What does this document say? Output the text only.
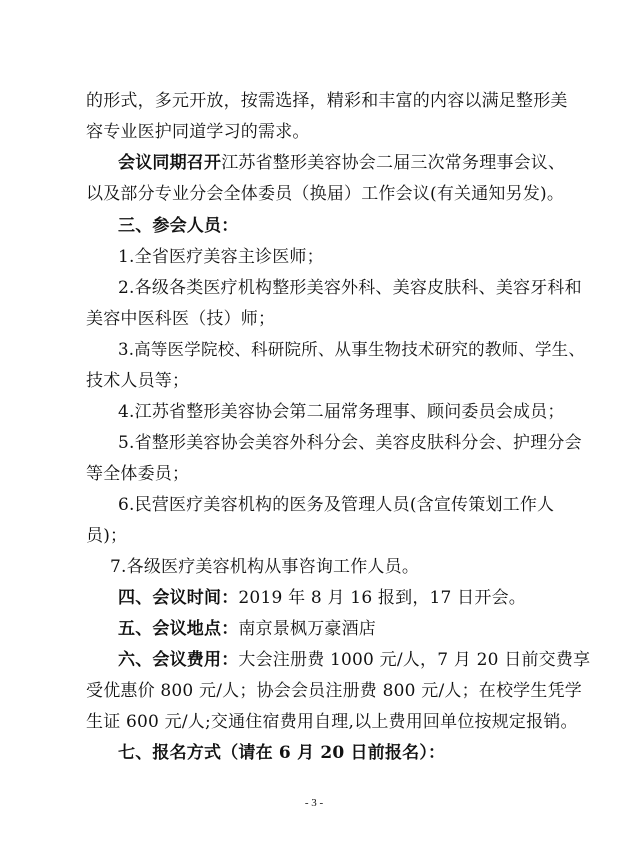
的形式，多元开放，按需选择，精彩和丰富的内容以满足整形美
容专业医护同道学习的需求。
会议同期召开江苏省整形美容协会二届三次常务理事会议、
以及部分专业分会全体委员（换届）工作会议(有关通知另发)。
三、参会人员：
1.全省医疗美容主诊医师；
2.各级各类医疗机构整形美容外科、美容皮肤科、美容牙科和
美容中医科医（技）师；
3.高等医学院校、科研院所、从事生物技术研究的教师、学生、
技术人员等；
4.江苏省整形美容协会第二届常务理事、顾问委员会成员；
5.省整形美容协会美容外科分会、美容皮肤科分会、护理分会
等全体委员；
6.民营医疗美容机构的医务及管理人员(含宣传策划工作人
员)；
7.各级医疗美容机构从事咨询工作人员。
四、会议时间：2019 年 8 月 16 报到，17 日开会。
五、会议地点：南京景枫万豪酒店
六、会议费用：大会注册费 1000 元/人，7 月 20 日前交费享
受优惠价 800 元/人；协会会员注册费 800 元/人；在校学生凭学
生证 600 元/人;交通住宿费用自理,以上费用回单位按规定报销。
七、报名方式（请在 6 月 20 日前报名）：
- 3 -
